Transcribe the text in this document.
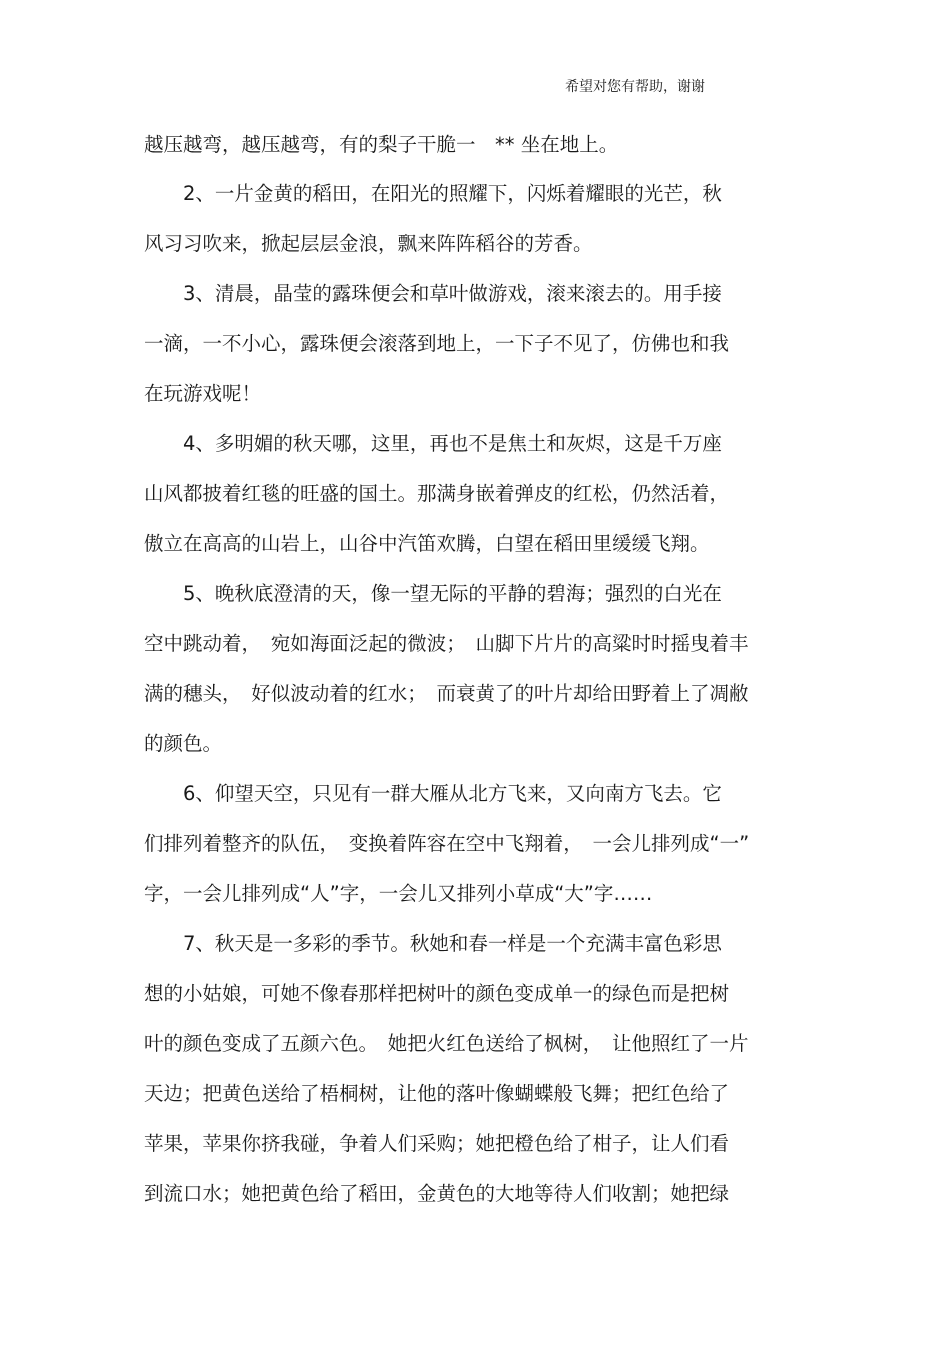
希望对您有帮助，谢谢
越压越弯，越压越弯，有的梨子干脆一　** 坐在地上。
　　2、一片金黄的稻田，在阳光的照耀下，闪烁着耀眼的光芒，秋
风习习吹来，掀起层层金浪，飘来阵阵稻谷的芳香。
　　3、清晨，晶莹的露珠便会和草叶做游戏，滚来滚去的。用手接
一滴，一不小心，露珠便会滚落到地上，一下子不见了，仿佛也和我
在玩游戏呢！
　　4、多明媚的秋天哪，这里，再也不是焦土和灰烬，这是千万座
山风都披着红毯的旺盛的国土。那满身嵌着弹皮的红松，仍然活着，
傲立在高高的山岩上，山谷中汽笛欢腾，白望在稻田里缓缓飞翔。
　　5、晚秋底澄清的天，像一望无际的平静的碧海；强烈的白光在
空中跳动着，　宛如海面泛起的微波；　山脚下片片的高粱时时摇曳着丰
满的穗头，　好似波动着的红水；　而衰黄了的叶片却给田野着上了凋敝
的颜色。
　　6、仰望天空，只见有一群大雁从北方飞来，又向南方飞去。它
们排列着整齐的队伍，　变换着阵容在空中飞翔着，　一会儿排列成“一”
字，一会儿排列成“人”字，一会儿又排列小草成“大”字……
　　7、秋天是一多彩的季节。秋她和春一样是一个充满丰富色彩思
想的小姑娘，可她不像春那样把树叶的颜色变成单一的绿色而是把树
叶的颜色变成了五颜六色。　她把火红色送给了枫树，　让他照红了一片
天边；把黄色送给了梧桐树，让他的落叶像蝴蝶般飞舞；把红色给了
苹果，苹果你挤我碰，争着人们采购；她把橙色给了柑子，让人们看
到流口水；她把黄色给了稻田，金黄色的大地等待人们收割；她把绿
